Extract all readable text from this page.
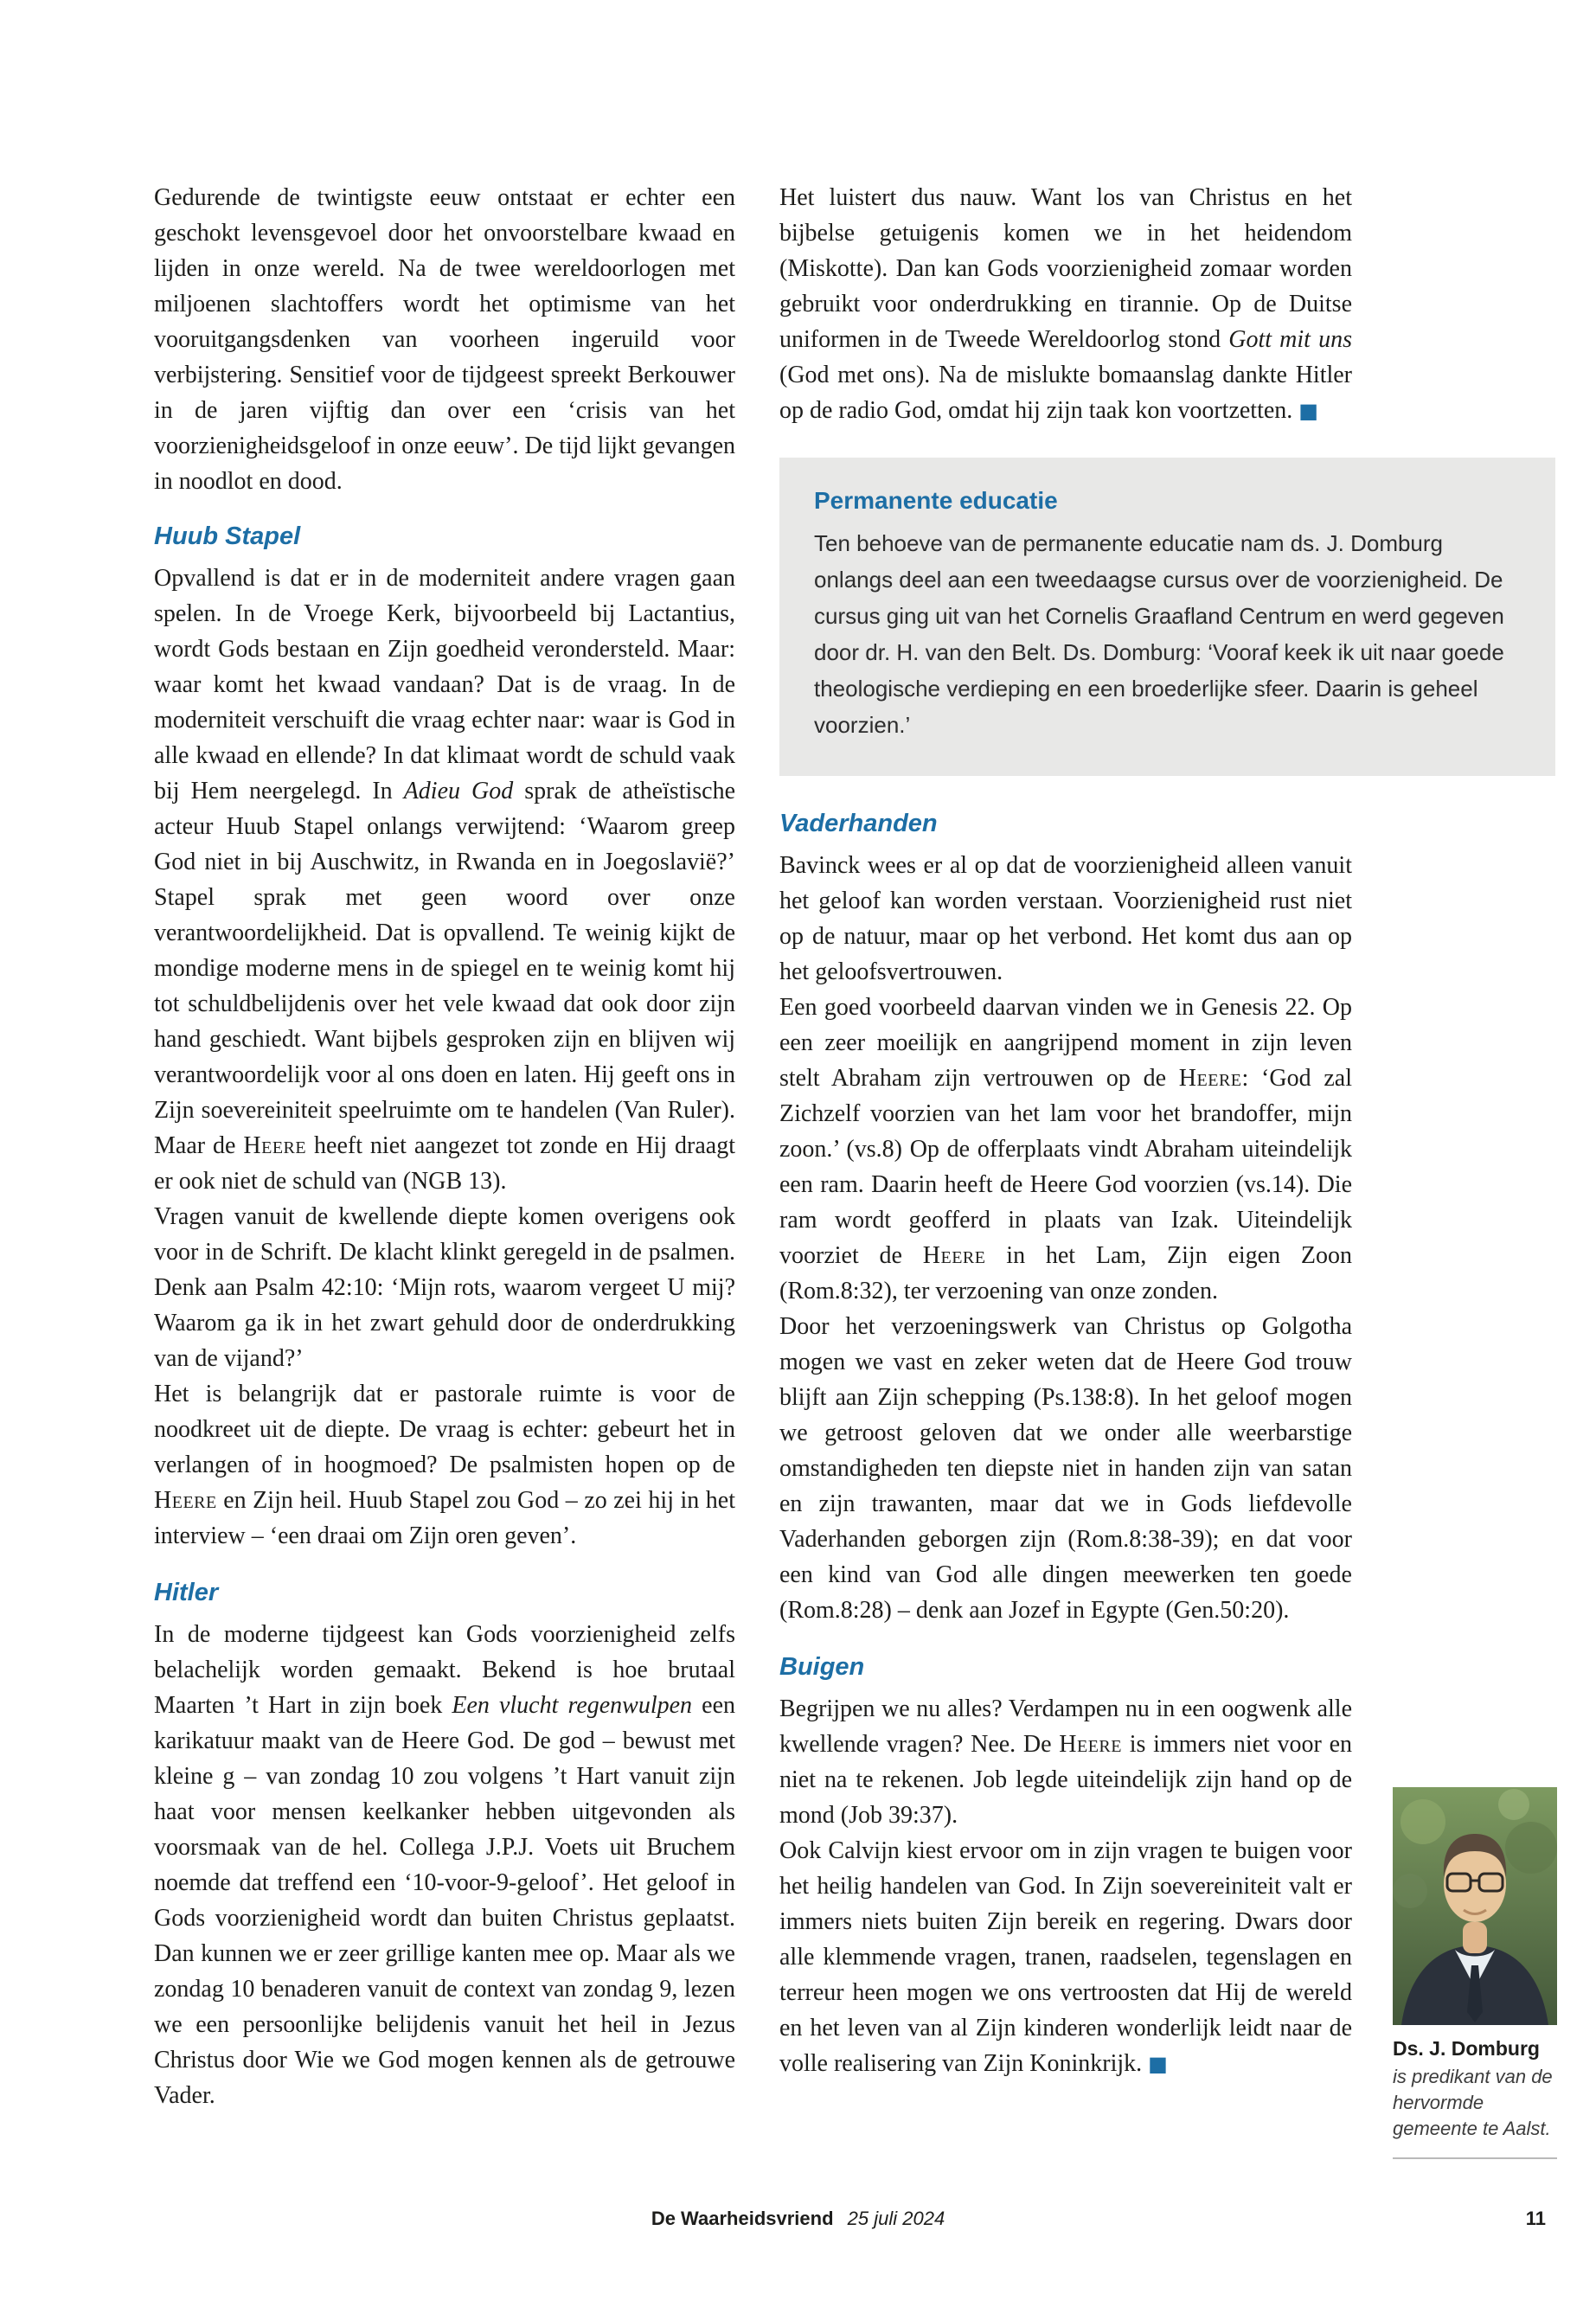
Gedurende de twintigste eeuw ontstaat er echter een geschokt levensgevoel door het onvoorstelbare kwaad en lijden in onze wereld. Na de twee wereldoorlogen met miljoenen slachtoffers wordt het optimisme van het vooruitgangsdenken van voorheen ingeruild voor verbijstering. Sensitief voor de tijdgeest spreekt Berkouwer in de jaren vijftig dan over een ‘crisis van het voorzienigheidsgeloof in onze eeuw’. De tijd lijkt gevangen in noodlot en dood.

Huub Stapel

Opvallend is dat er in de moderniteit andere vragen gaan spelen. In de Vroege Kerk, bijvoorbeeld bij Lactantius, wordt Gods bestaan en Zijn goedheid verondersteld. Maar: waar komt het kwaad vandaan? Dat is de vraag. In de moderniteit verschuift die vraag echter naar: waar is God in alle kwaad en ellende? In dat klimaat wordt de schuld vaak bij Hem neergelegd. In Adieu God sprak de atheïstische acteur Huub Stapel onlangs verwijtend: ‘Waarom greep God niet in bij Auschwitz, in Rwanda en in Joegoslavië?’ Stapel sprak met geen woord over onze verantwoordelijkheid. Dat is opvallend. Te weinig kijkt de mondige moderne mens in de spiegel en te weinig komt hij tot schuldbelijdenis over het vele kwaad dat ook door zijn hand geschiedt. Want bijbels gesproken zijn en blijven wij verantwoordelijk voor al ons doen en laten. Hij geeft ons in Zijn soevereiniteit speelruimte om te handelen (Van Ruler). Maar de Heere heeft niet aangezet tot zonde en Hij draagt er ook niet de schuld van (NGB 13).

Vragen vanuit de kwellende diepte komen overigens ook voor in de Schrift. De klacht klinkt geregeld in de psalmen. Denk aan Psalm 42:10: ‘Mijn rots, waarom vergeet U mij? Waarom ga ik in het zwart gehuld door de onderdrukking van de vijand?’

Het is belangrijk dat er pastorale ruimte is voor de noodkreet uit de diepte. De vraag is echter: gebeurt het in verlangen of in hoogmoed? De psalmisten hopen op de Heere en Zijn heil. Huub Stapel zou God – zo zei hij in het interview – ‘een draai om Zijn oren geven’.

Hitler

In de moderne tijdgeest kan Gods voorzienigheid zelfs belachelijk worden gemaakt. Bekend is hoe brutaal Maarten ’t Hart in zijn boek Een vlucht regenwulpen een karikatuur maakt van de Heere God. De god – bewust met kleine g – van zondag 10 zou volgens ’t Hart vanuit zijn haat voor mensen keelkanker hebben uitgevonden als voorsmaak van de hel. Collega J.P.J. Voets uit Bruchem noemde dat treffend een ‘10-voor-9-geloof’. Het geloof in Gods voorzienigheid wordt dan buiten Christus geplaatst. Dan kunnen we er zeer grillige kanten mee op. Maar als we zondag 10 benaderen vanuit de context van zondag 9, lezen we een persoonlijke belijdenis vanuit het heil in Jezus Christus door Wie we God mogen kennen als de getrouwe Vader.

Het luistert dus nauw. Want los van Christus en het bijbelse getuigenis komen we in het heidendom (Miskotte). Dan kan Gods voorzienigheid zomaar worden gebruikt voor onderdrukking en tirannie. Op de Duitse uniformen in de Tweede Wereldoorlog stond Gott mit uns (God met ons). Na de mislukte bomaanslag dankte Hitler op de radio God, omdat hij zijn taak kon voortzetten. ■

Permanente educatie

Ten behoeve van de permanente educatie nam ds. J. Domburg onlangs deel aan een tweedaagse cursus over de voorzienigheid. De cursus ging uit van het Cornelis Graafland Centrum en werd gegeven door dr. H. van den Belt. Ds. Domburg: ‘Vooraf keek ik uit naar goede theologische verdieping en een broederlijke sfeer. Daarin is geheel voorzien.’

Vaderhanden

Bavinck wees er al op dat de voorzienigheid alleen vanuit het geloof kan worden verstaan. Voorzienigheid rust niet op de natuur, maar op het verbond. Het komt dus aan op het geloofsvertrouwen.

Een goed voorbeeld daarvan vinden we in Genesis 22. Op een zeer moeilijk en aangrijpend moment in zijn leven stelt Abraham zijn vertrouwen op de Heere: ‘God zal Zichzelf voorzien van het lam voor het brandoffer, mijn zoon.’ (vs.8) Op de offerplaats vindt Abraham uiteindelijk een ram. Daarin heeft de Heere God voorzien (vs.14). Die ram wordt geofferd in plaats van Izak. Uiteindelijk voorziet de Heere in het Lam, Zijn eigen Zoon (Rom.8:32), ter verzoening van onze zonden.

Door het verzoeningswerk van Christus op Golgotha mogen we vast en zeker weten dat de Heere God trouw blijft aan Zijn schepping (Ps.138:8). In het geloof mogen we getroost geloven dat we onder alle weerbarstige omstandigheden ten diepste niet in handen zijn van satan en zijn trawanten, maar dat we in Gods liefdevolle Vaderhanden geborgen zijn (Rom.8:38-39); en dat voor een kind van God alle dingen meewerken ten goede (Rom.8:28) – denk aan Jozef in Egypte (Gen.50:20).

Buigen

Begrijpen we nu alles? Verdampen nu in een oogwenk alle kwellende vragen? Nee. De Heere is immers niet voor en niet na te rekenen. Job legde uiteindelijk zijn hand op de mond (Job 39:37).

Ook Calvijn kiest ervoor om in zijn vragen te buigen voor het heilig handelen van God. In Zijn soevereiniteit valt er immers niets buiten Zijn bereik en regering. Dwars door alle klemmende vragen, tranen, raadselen, tegenslagen en terreur heen mogen we ons vertroosten dat Hij de wereld en het leven van al Zijn kinderen wonderlijk leidt naar de volle realisering van Zijn Koninkrijk. ■

Ds. J. Domburg

is predikant van de hervormde gemeente te Aalst.

De Waarheidsvriend 25 juli 2024	11
